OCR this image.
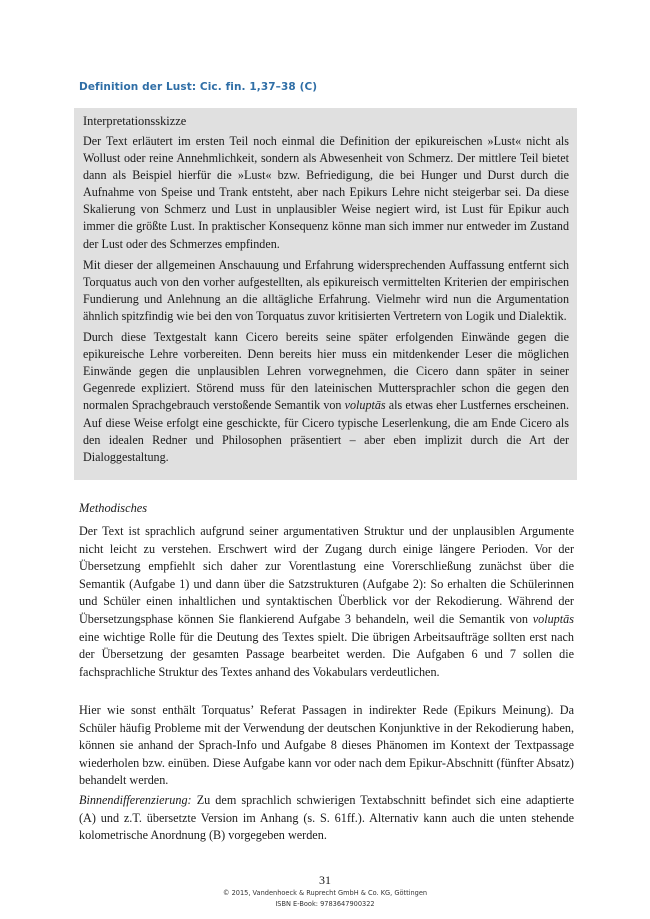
Definition der Lust: Cic. fin. 1,37–38 (C)
Interpretationsskizze

Der Text erläutert im ersten Teil noch einmal die Definition der epikureischen »Lust« nicht als Wollust oder reine Annehmlichkeit, sondern als Abwesenheit von Schmerz. Der mittlere Teil bietet dann als Beispiel hierfür die »Lust« bzw. Befriedigung, die bei Hunger und Durst durch die Aufnahme von Speise und Trank entsteht, aber nach Epikurs Lehre nicht steigerbar sei. Da diese Skalierung von Schmerz und Lust in unplausibler Weise negiert wird, ist Lust für Epikur auch immer die größte Lust. In praktischer Konsequenz könne man sich immer nur entweder im Zustand der Lust oder des Schmerzes empfinden.

Mit dieser der allgemeinen Anschauung und Erfahrung widersprechenden Auffassung entfernt sich Torquatus auch von den vorher aufgestellten, als epikureisch vermittelten Kriterien der empirischen Fundierung und Anlehnung an die alltägliche Erfahrung. Vielmehr wird nun die Argumentation ähnlich spitzfindig wie bei den von Torquatus zuvor kritisierten Vertretern von Logik und Dialektik.

Durch diese Textgestalt kann Cicero bereits seine später erfolgenden Einwände gegen die epikureische Lehre vorbereiten. Denn bereits hier muss ein mitdenkender Leser die möglichen Einwände gegen die unplausiblen Lehren vorwegnehmen, die Cicero dann später in seiner Gegenrede expliziert. Störend muss für den lateinischen Muttersprachler schon die gegen den normalen Sprachgebrauch verstoßende Semantik von voluptās als etwas eher Lustfernes erscheinen. Auf diese Weise erfolgt eine geschickte, für Cicero typische Leserlenkung, die am Ende Cicero als den idealen Redner und Philosophen präsentiert – aber eben implizit durch die Art der Dialoggestaltung.

Methodisches

Der Text ist sprachlich aufgrund seiner argumentativen Struktur und der unplausiblen Argumente nicht leicht zu verstehen. Erschwert wird der Zugang durch einige längere Perioden. Vor der Übersetzung empfiehlt sich daher zur Vorentlastung eine Vorerschließung zunächst über die Semantik (Aufgabe 1) und dann über die Satzstrukturen (Aufgabe 2): So erhalten die Schülerinnen und Schüler einen inhaltlichen und syntaktischen Überblick vor der Rekodierung. Während der Übersetzungsphase können Sie flankierend Aufgabe 3 behandeln, weil die Semantik von voluptās eine wichtige Rolle für die Deutung des Textes spielt. Die übrigen Arbeitsaufträge sollten erst nach der Übersetzung der gesamten Passage bearbeitet werden. Die Aufgaben 6 und 7 sollen die fachsprachliche Struktur des Textes anhand des Vokabulars verdeutlichen.

Hier wie sonst enthält Torquatus’ Referat Passagen in indirekter Rede (Epikurs Meinung). Da Schüler häufig Probleme mit der Verwendung der deutschen Konjunktive in der Rekodierung haben, können sie anhand der Sprach-Info und Aufgabe 8 dieses Phänomen im Kontext der Textpassage wiederholen bzw. einüben. Diese Aufgabe kann vor oder nach dem Epikur-Abschnitt (fünfter Absatz) behandelt werden.

Binnendifferenzierung: Zu dem sprachlich schwierigen Textabschnitt befindet sich eine adaptierte (A) und z.T. übersetzte Version im Anhang (s. S. 61ff.). Alternativ kann auch die unten stehende kolometrische Anordnung (B) vorgegeben werden.

31
© 2015, Vandenhoeck & Ruprecht GmbH & Co. KG, Göttingen
ISBN E-Book: 9783647900322
